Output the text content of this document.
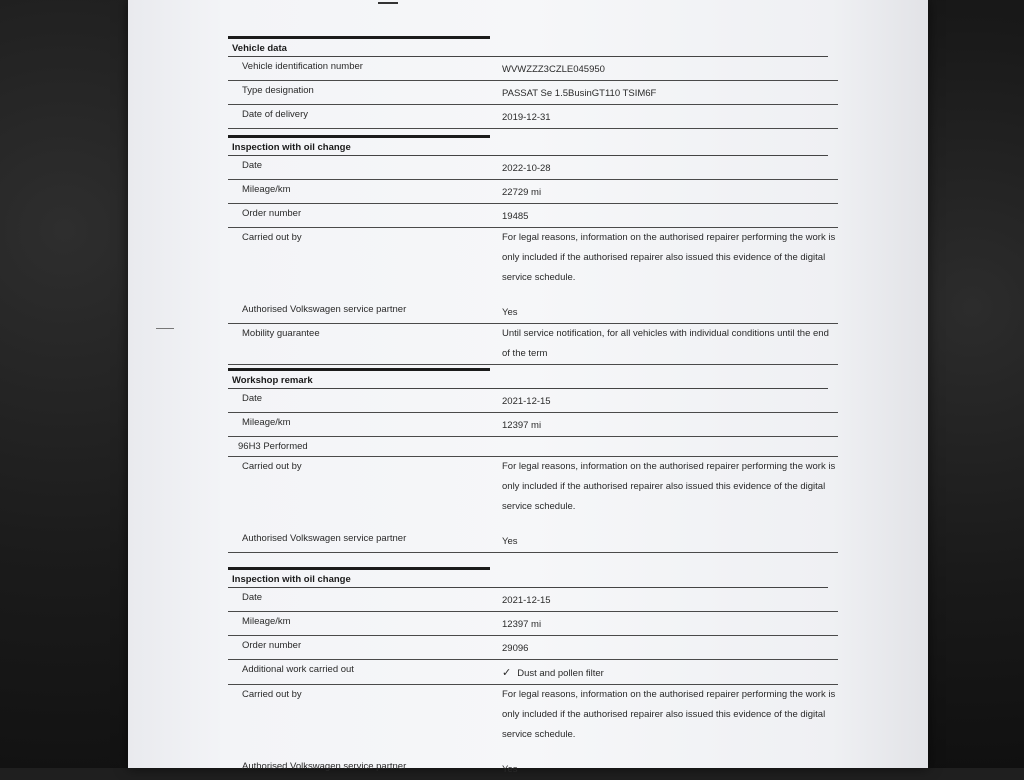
Vehicle data
Vehicle identification number	WVWZZZ3CZLE045950
Type designation	PASSAT Se 1.5BusinGT110 TSIM6F
Date of delivery	2019-12-31
Inspection with oil change
Date	2022-10-28
Mileage/km	22729 mi
Order number	19485
Carried out by	For legal reasons, information on the authorised repairer performing the work is only included if the authorised repairer also issued this evidence of the digital service schedule.
Authorised Volkswagen service partner	Yes
Mobility guarantee	Until service notification, for all vehicles with individual conditions until the end of the term
Workshop remark
Date	2021-12-15
Mileage/km	12397 mi
96H3 Performed
Carried out by	For legal reasons, information on the authorised repairer performing the work is only included if the authorised repairer also issued this evidence of the digital service schedule.
Authorised Volkswagen service partner	Yes
Inspection with oil change
Date	2021-12-15
Mileage/km	12397 mi
Order number	29096
Additional work carried out	✓ Dust and pollen filter
Carried out by	For legal reasons, information on the authorised repairer performing the work is only included if the authorised repairer also issued this evidence of the digital service schedule.
Authorised Volkswagen service partner	Yes
